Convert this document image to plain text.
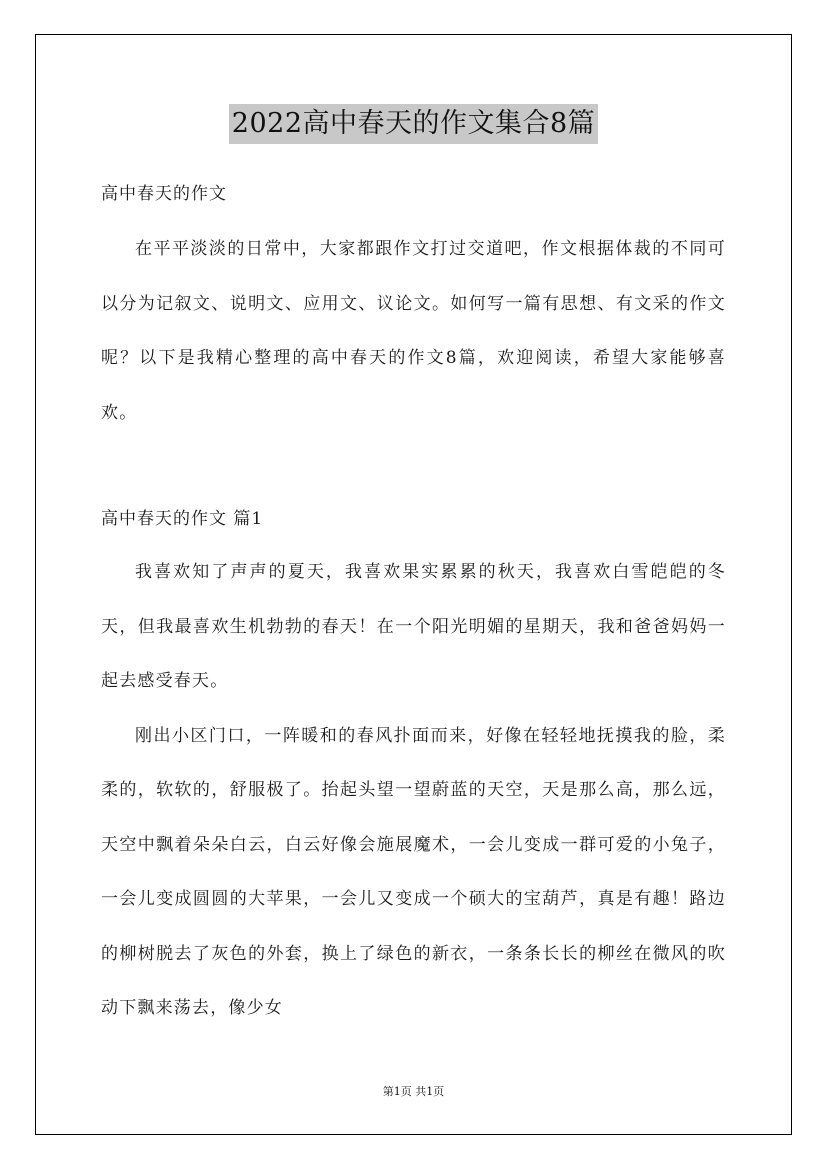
2022高中春天的作文集合8篇

高中春天的作文

在平平淡淡的日常中，大家都跟作文打过交道吧，作文根据体裁的不同可以分为记叙文、说明文、应用文、议论文。如何写一篇有思想、有文采的作文呢？以下是我精心整理的高中春天的作文8篇，欢迎阅读，希望大家能够喜欢。

高中春天的作文 篇1

我喜欢知了声声的夏天，我喜欢果实累累的秋天，我喜欢白雪皑皑的冬天，但我最喜欢生机勃勃的春天！在一个阳光明媚的星期天，我和爸爸妈妈一起去感受春天。

刚出小区门口，一阵暖和的春风扑面而来，好像在轻轻地抚摸我的脸，柔柔的，软软的，舒服极了。抬起头望一望蔚蓝的天空，天是那么高，那么远，天空中飘着朵朵白云，白云好像会施展魔术，一会儿变成一群可爱的小兔子，一会儿变成圆圆的大苹果，一会儿又变成一个硕大的宝葫芦，真是有趣！路边的柳树脱去了灰色的外套，换上了绿色的新衣，一条条长长的柳丝在微风的吹动下飘来荡去，像少女

第1页 共1页
